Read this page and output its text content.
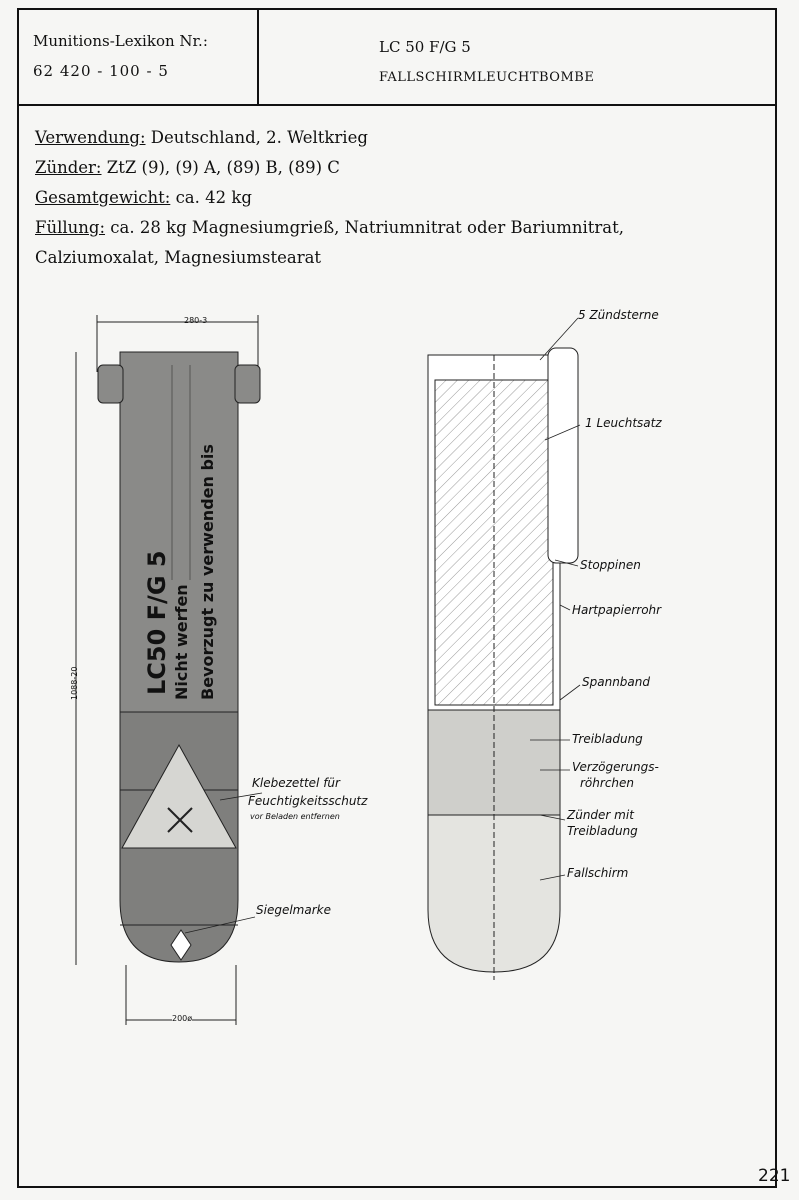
Munitions-Lexikon Nr.:
62 420 - 100 - 5
LC 50 F/G 5
FALLSCHIRMLEUCHTBOMBE
Verwendung: Deutschland, 2. Weltkrieg
Zünder: ZtZ (9), (9) A, (89) B, (89) C
Gesamtgewicht: ca. 42 kg
Füllung: ca. 28 kg Magnesiumgrieß, Natriumnitrat oder Bariumnitrat,
Calziumoxalat, Magnesiumstearat
280-3
1088-20
200ø
LC50 F/G 5 Nicht werfen Bevorzugt zu verwenden bis
Klebezettel für
Feuchtigkeitsschutz
vor Beladen entfernen
Siegelmarke
5 Zündsterne
1 Leuchtsatz
Stoppinen
Hartpapierrohr
Spannband
Treibladung
Verzögerungs-
röhrchen
Zünder mit
Treibladung
Fallschirm
221
